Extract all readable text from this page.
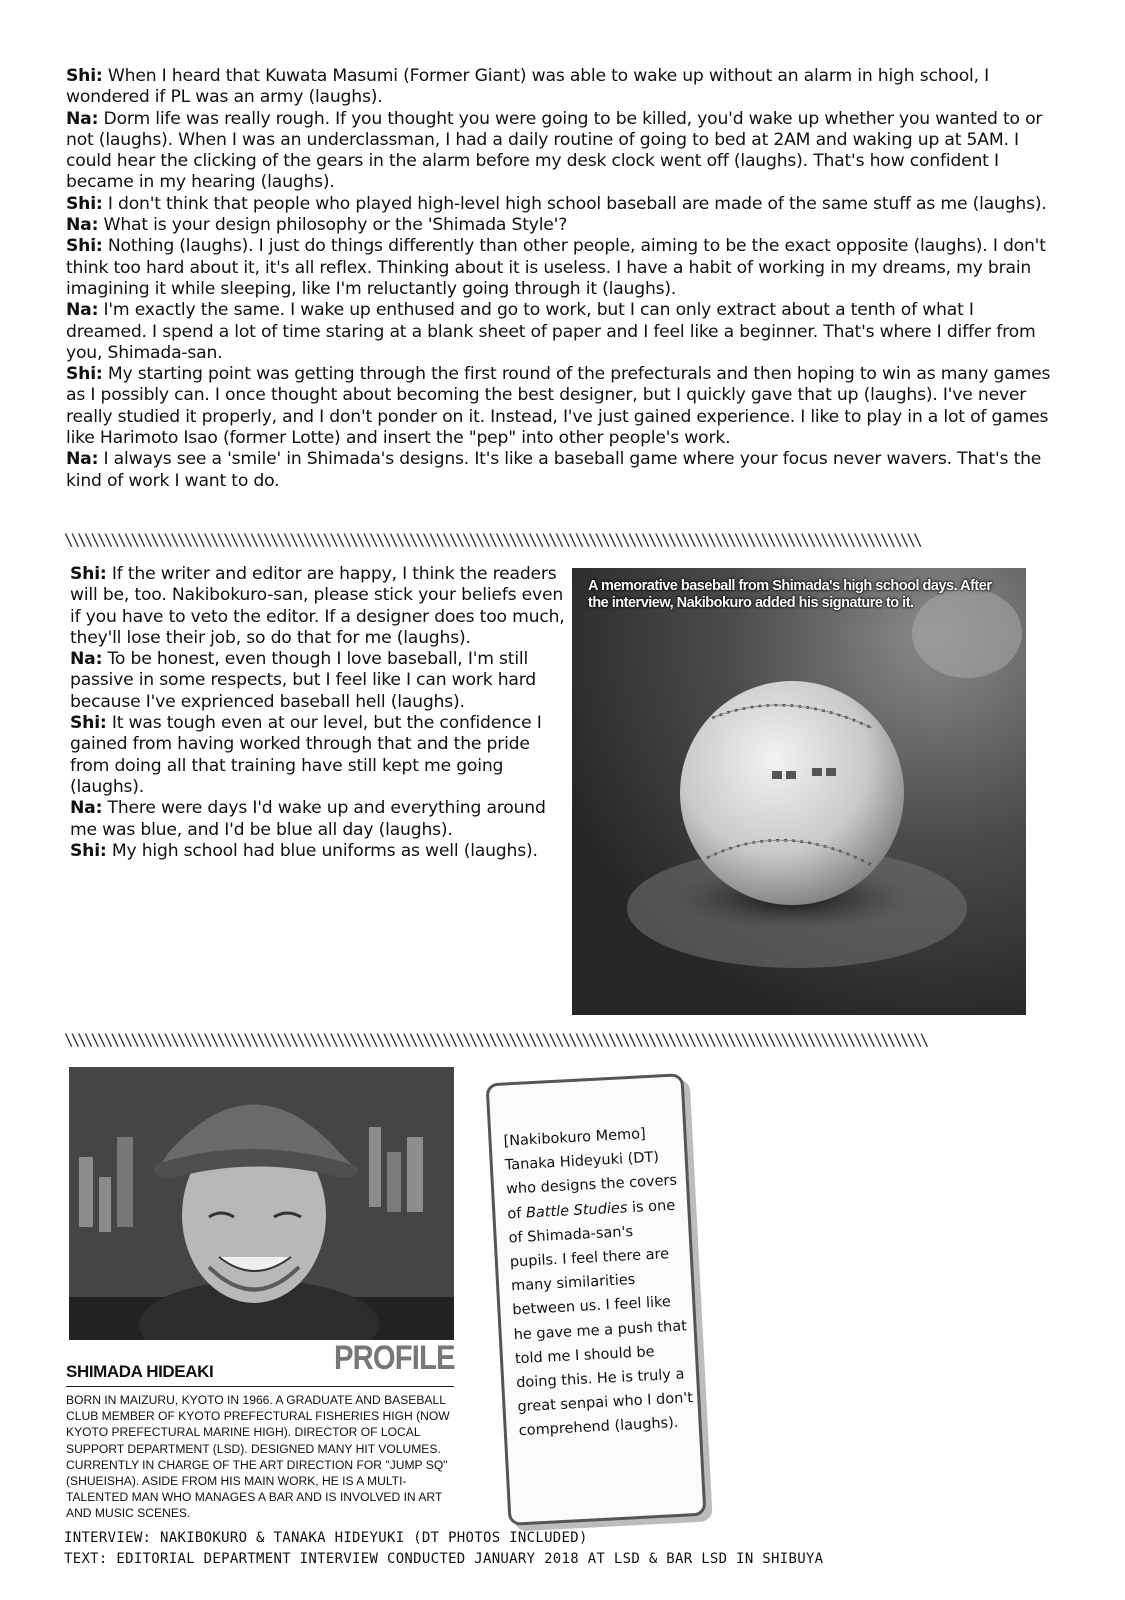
Shi: When I heard that Kuwata Masumi (Former Giant) was able to wake up without an alarm in high school, I wondered if PL was an army (laughs).

Na: Dorm life was really rough. If you thought you were going to be killed, you'd wake up whether you wanted to or not (laughs). When I was an underclassman, I had a daily routine of going to bed at 2AM and waking up at 5AM. I could hear the clicking of the gears in the alarm before my desk clock went off (laughs). That's how confident I became in my hearing (laughs).

Shi: I don't think that people who played high-level high school baseball are made of the same stuff as me (laughs).

Na: What is your design philosophy or the 'Shimada Style'?

Shi: Nothing (laughs). I just do things differently than other people, aiming to be the exact opposite (laughs). I don't think too hard about it, it's all reflex. Thinking about it is useless. I have a habit of working in my dreams, my brain imagining it while sleeping, like I'm reluctantly going through it (laughs).

Na: I'm exactly the same. I wake up enthused and go to work, but I can only extract about a tenth of what I dreamed. I spend a lot of time staring at a blank sheet of paper and I feel like a beginner. That's where I differ from you, Shimada-san.

Shi: My starting point was getting through the first round of the prefecturals and then hoping to win as many games as I possibly can. I once thought about becoming the best designer, but I quickly gave that up (laughs). I've never really studied it properly, and I don't ponder on it. Instead, I've just gained experience. I like to play in a lot of games like Harimoto Isao (former Lotte) and insert the "pep" into other people's work.

Na: I always see a 'smile' in Shimada's designs. It's like a baseball game where your focus never wavers. That's the kind of work I want to do.

\\\\\\\\\\\\\\\\\\\\\\\\\\\\\\\\\\\\\\\\\\\\\\\\\\\\\\\\\\\\\\\\\\\\\\\\\\\\\\\\\\\\\\\\\\\\\\\\\\\\\\\\\\\\\\\\\\\\\\\\\\\\\\\\\

Shi: If the writer and editor are happy, I think the readers will be, too. Nakibokuro-san, please stick your beliefs even if you have to veto the editor. If a designer does too much, they'll lose their job, so do that for me (laughs).

Na: To be honest, even though I love baseball, I'm still passive in some respects, but I feel like I can work hard because I've exprienced baseball hell (laughs).

Shi: It was tough even at our level, but the confidence I gained from having worked through that and the pride from doing all that training have still kept me going (laughs).

Na: There were days I'd wake up and everything around me was blue, and I'd be blue all day (laughs).

Shi: My high school had blue uniforms as well (laughs).

A memorative baseball from Shimada's high school days. After the interview, Nakibokuro added his signature to it.
\\\\\\\\\\\\\\\\\\\\\\\\\\\\\\\\\\\\\\\\\\\\\\\\\\\\\\\\\\\\\\\\\\\\\\\\\\\\\\\\\\\\\\\\\\\\\\\\\\\\\\\\\\\\\\\\\\\\\\\\\\\\\\\\\\
SHIMADA HIDEAKI	PROFILE
BORN IN MAIZURU, KYOTO IN 1966. A GRADUATE AND BASEBALL CLUB MEMBER OF KYOTO PREFECTURAL FISHERIES HIGH (NOW KYOTO PREFECTURAL MARINE HIGH). DIRECTOR OF LOCAL SUPPORT DEPARTMENT (LSD). DESIGNED MANY HIT VOLUMES. CURRENTLY IN CHARGE OF THE ART DIRECTION FOR "JUMP SQ" (SHUEISHA). ASIDE FROM HIS MAIN WORK, HE IS A MULTI-TALENTED MAN WHO MANAGES A BAR AND IS INVOLVED IN ART AND MUSIC SCENES.
[Nakibokuro Memo] Tanaka Hideyuki (DT) who designs the covers of Battle Studies is one of Shimada-san's pupils. I feel there are many similarities between us. I feel like he gave me a push that told me I should be doing this. He is truly a great senpai who I don't comprehend (laughs).
INTERVIEW: NAKIBOKURO & TANAKA HIDEYUKI (DT PHOTOS INCLUDED)
TEXT: EDITORIAL DEPARTMENT INTERVIEW CONDUCTED JANUARY 2018 AT LSD & BAR LSD IN SHIBUYA
